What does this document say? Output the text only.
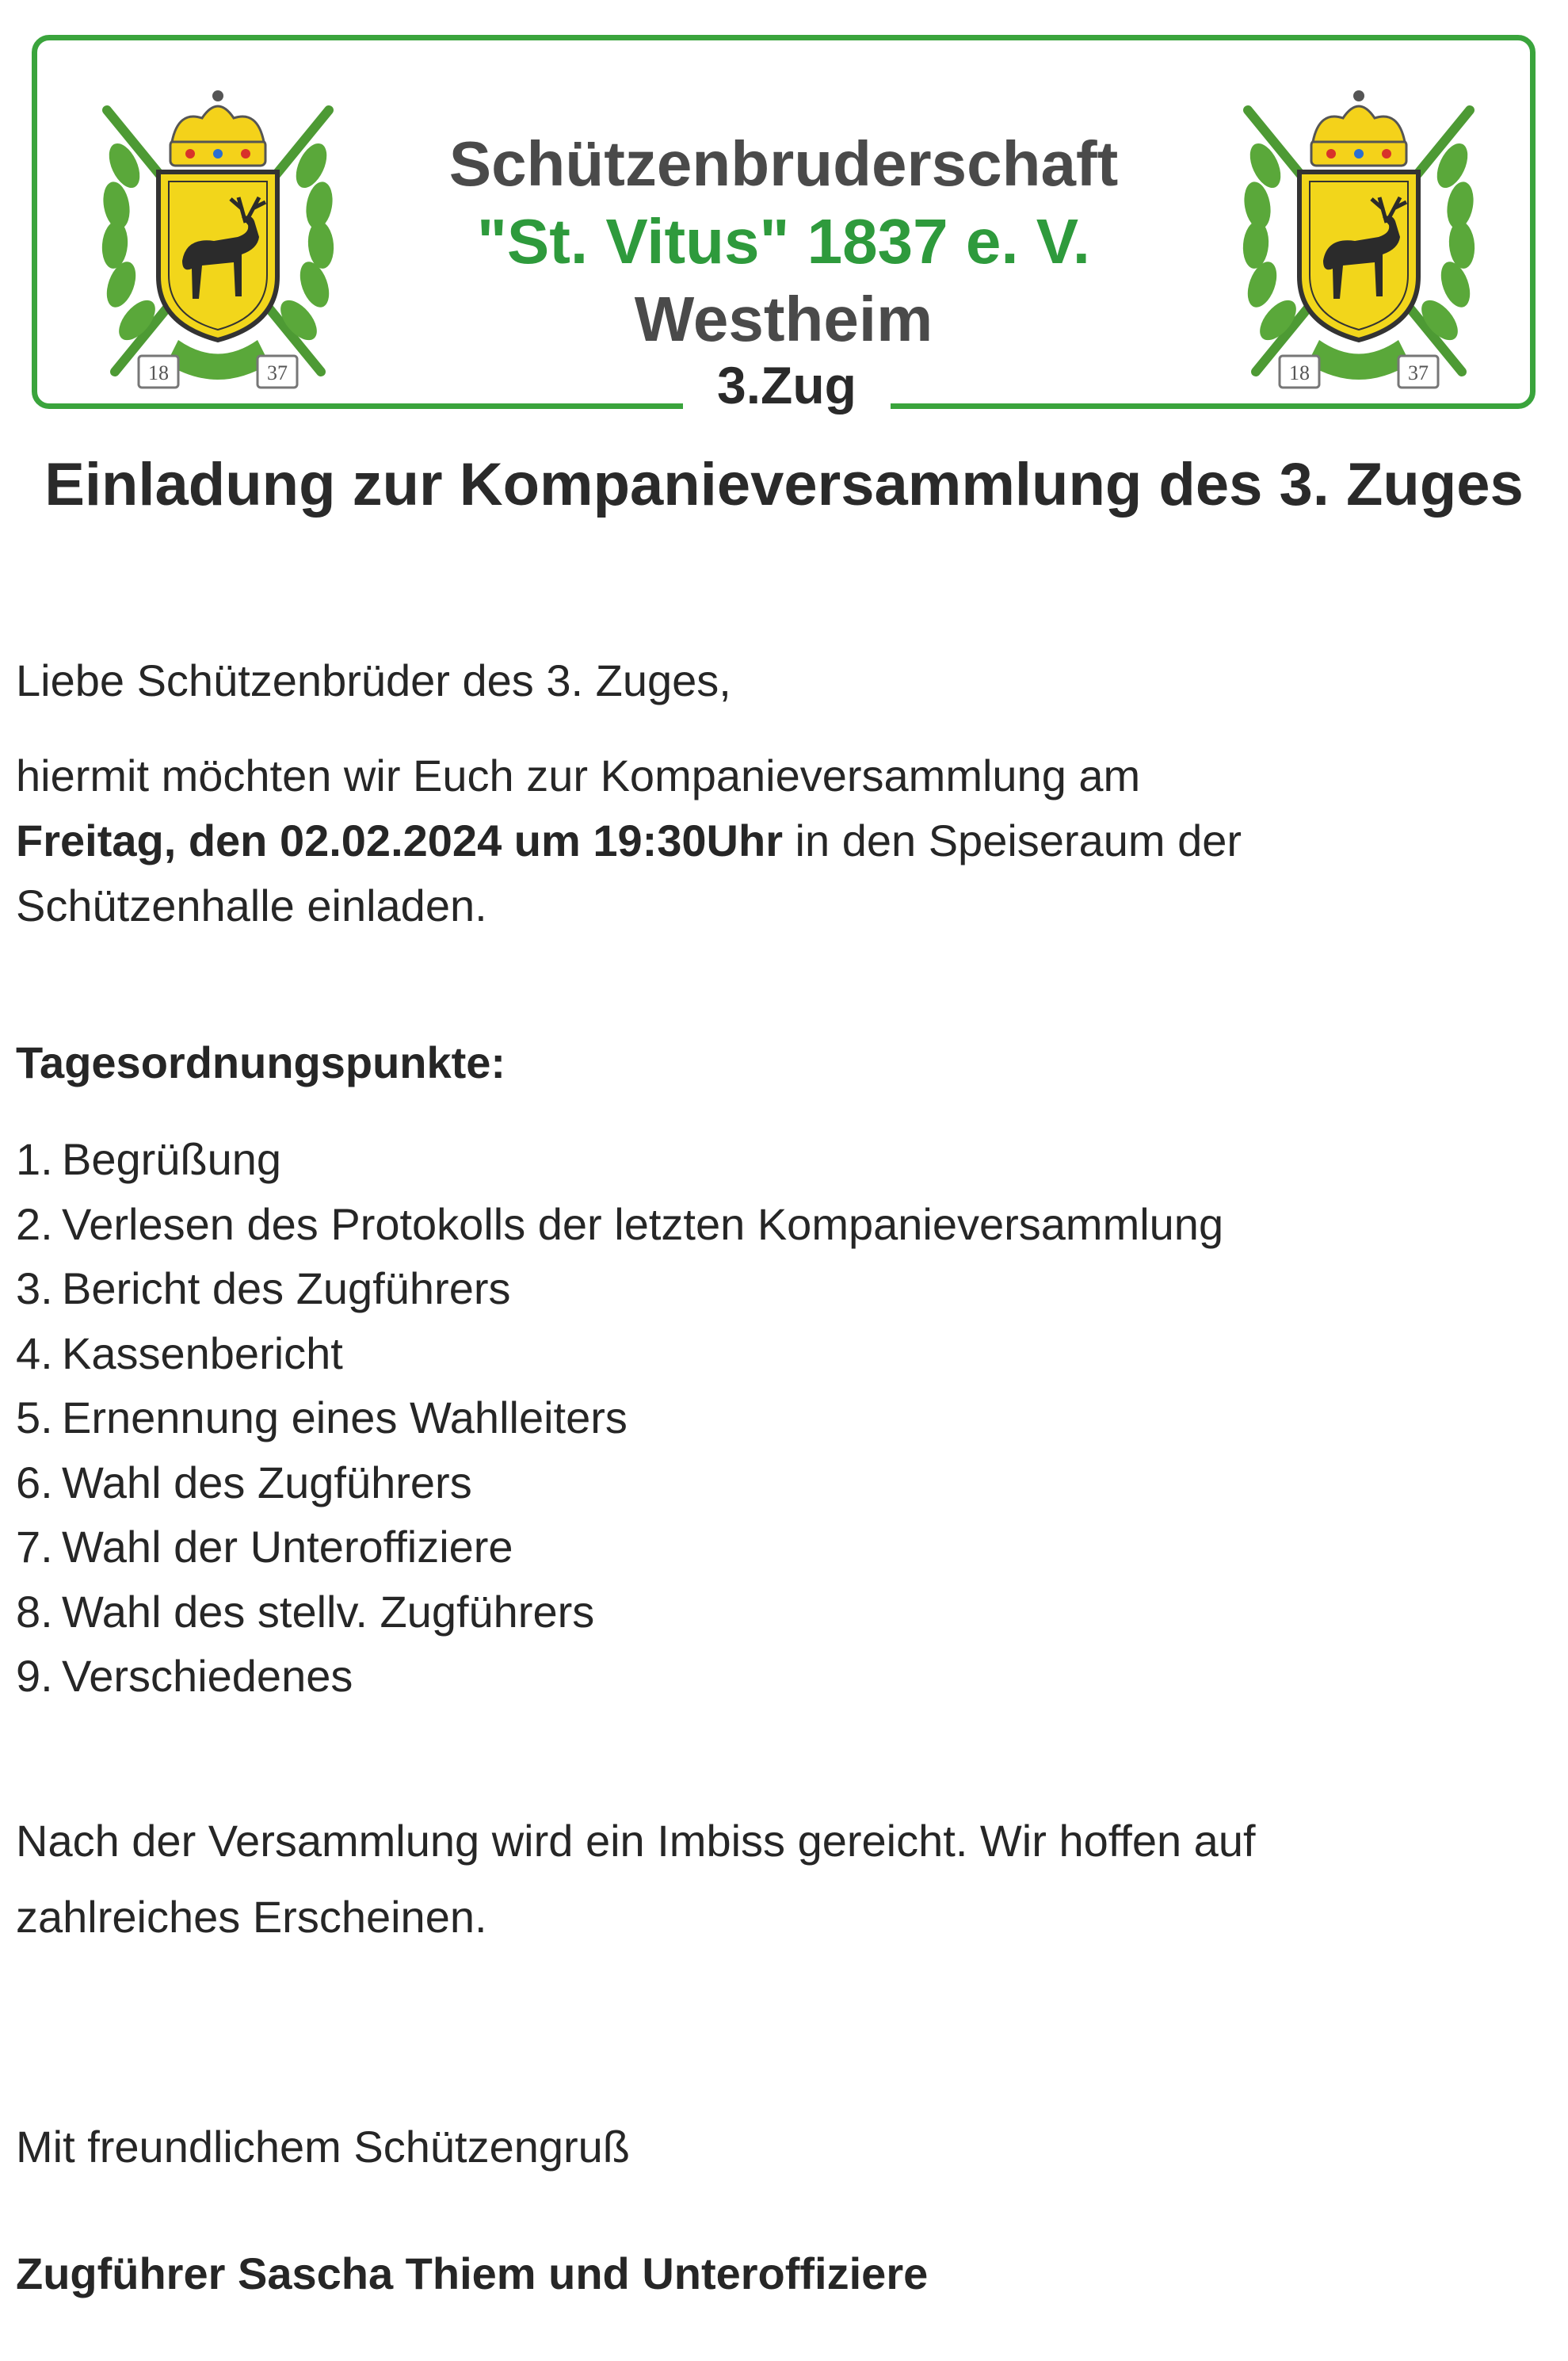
18	37	18	37
Schützenbruderschaft
"St. Vitus" 1837 e. V.
Westheim
3.Zug
Einladung zur Kompanieversammlung des 3. Zuges
Liebe Schützenbrüder des 3. Zuges,
hiermit möchten wir Euch zur Kompanieversammlung am
Freitag, den 02.02.2024 um 19:30Uhr in den Speiseraum der
Schützenhalle einladen.
Tagesordnungspunkte:
1. Begrüßung
2. Verlesen des Protokolls der letzten Kompanieversammlung
3. Bericht des Zugführers
4. Kassenbericht
5. Ernennung eines Wahlleiters
6. Wahl des Zugführers
7. Wahl der Unteroffiziere
8. Wahl des stellv. Zugführers
9. Verschiedenes
Nach der Versammlung wird ein Imbiss gereicht. Wir hoffen auf
zahlreiches Erscheinen.
Mit freundlichem Schützengruß
Zugführer Sascha Thiem und Unteroffiziere
